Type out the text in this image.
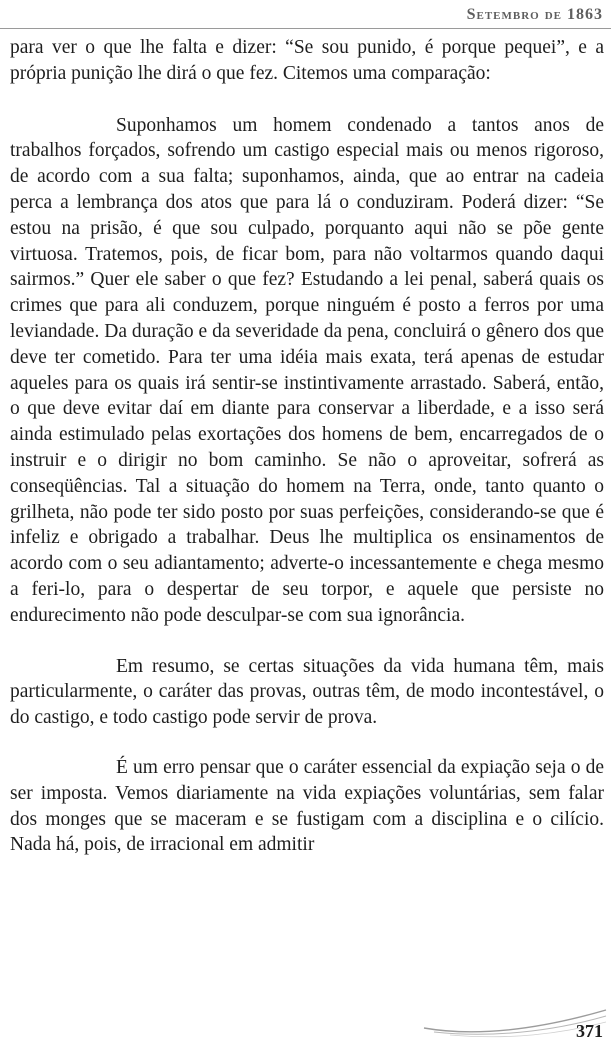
Setembro de 1863

para ver o que lhe falta e dizer: “Se sou punido, é porque pequei”, e a própria punição lhe dirá o que fez. Citemos uma comparação:

Suponhamos um homem condenado a tantos anos de trabalhos forçados, sofrendo um castigo especial mais ou menos rigoroso, de acordo com a sua falta; suponhamos, ainda, que ao entrar na cadeia perca a lembrança dos atos que para lá o conduziram. Poderá dizer: “Se estou na prisão, é que sou culpado, porquanto aqui não se põe gente virtuosa. Tratemos, pois, de ficar bom, para não voltarmos quando daqui sairmos.” Quer ele saber o que fez? Estudando a lei penal, saberá quais os crimes que para ali conduzem, porque ninguém é posto a ferros por uma leviandade. Da duração e da severidade da pena, concluirá o gênero dos que deve ter cometido. Para ter uma idéia mais exata, terá apenas de estudar aqueles para os quais irá sentir-se instintivamente arrastado. Saberá, então, o que deve evitar daí em diante para conservar a liberdade, e a isso será ainda estimulado pelas exortações dos homens de bem, encarregados de o instruir e o dirigir no bom caminho. Se não o aproveitar, sofrerá as conseqüências. Tal a situação do homem na Terra, onde, tanto quanto o grilheta, não pode ter sido posto por suas perfeições, considerando-se que é infeliz e obrigado a trabalhar. Deus lhe multiplica os ensinamentos de acordo com o seu adiantamento; adverte-o incessantemente e chega mesmo a feri-lo, para o despertar de seu torpor, e aquele que persiste no endurecimento não pode desculpar-se com sua ignorância.

Em resumo, se certas situações da vida humana têm, mais particularmente, o caráter das provas, outras têm, de modo incontestável, o do castigo, e todo castigo pode servir de prova.

É um erro pensar que o caráter essencial da expiação seja o de ser imposta. Vemos diariamente na vida expiações voluntárias, sem falar dos monges que se maceram e se fustigam com a disciplina e o cilício. Nada há, pois, de irracional em admitir

371
